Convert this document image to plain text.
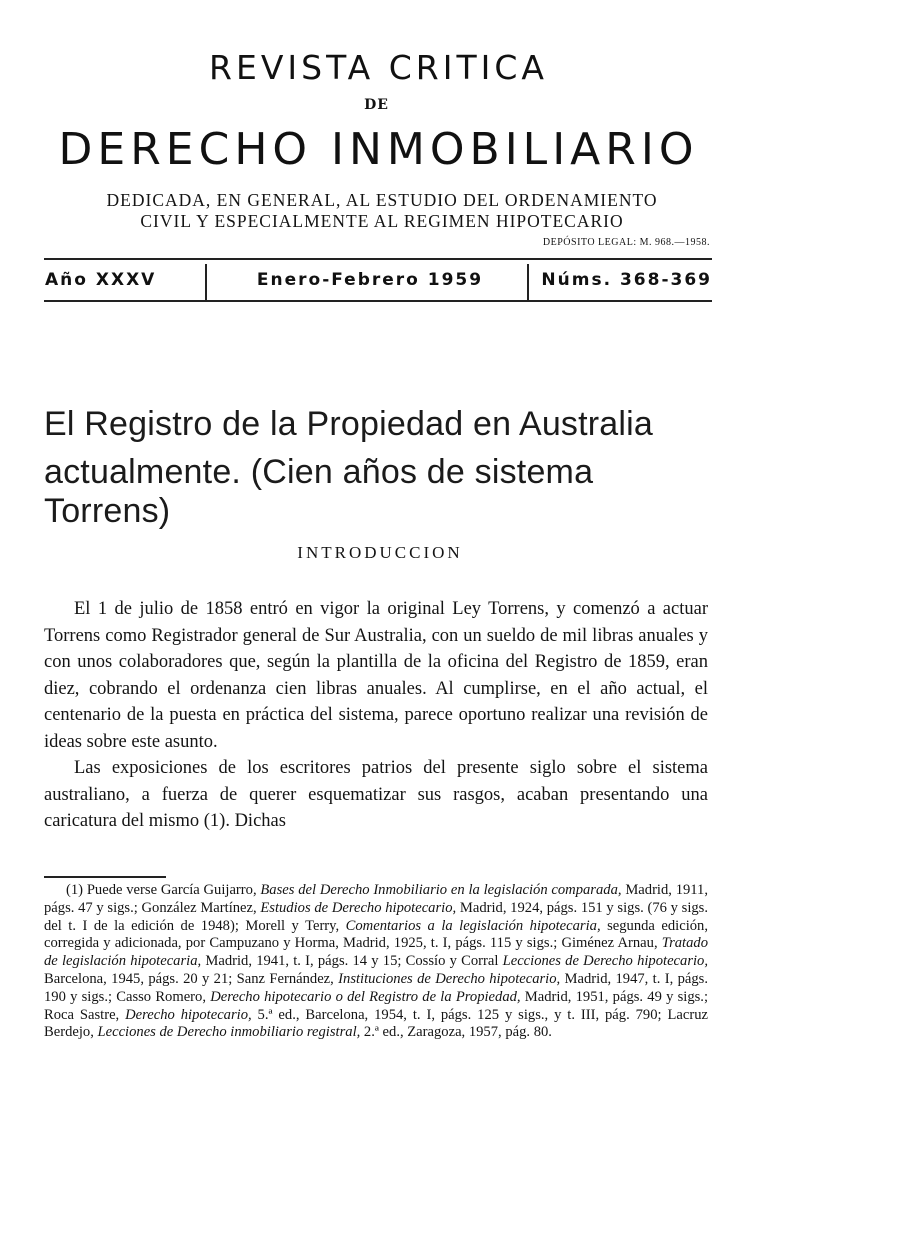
REVISTA CRITICA
DE
DERECHO INMOBILIARIO
DEDICADA, EN GENERAL, AL ESTUDIO DEL ORDENAMIENTO
CIVIL Y ESPECIALMENTE AL REGIMEN HIPOTECARIO
DEPÓSITO LEGAL: M. 968.—1958.
Año XXXV	Enero-Febrero 1959	Núms. 368-369
El Registro de la Propiedad en Australia
actualmente. (Cien años de sistema Torrens)
INTRODUCCION

El 1 de julio de 1858 entró en vigor la original Ley Torrens, y comenzó a actuar Torrens como Registrador general de Sur Australia, con un sueldo de mil libras anuales y con unos colaboradores que, según la plantilla de la oficina del Registro de 1859, eran diez, cobrando el ordenanza cien libras anuales. Al cumplirse, en el año actual, el centenario de la puesta en práctica del sistema, parece oportuno realizar una revisión de ideas sobre este asunto.

Las exposiciones de los escritores patrios del presente siglo sobre el sistema australiano, a fuerza de querer esquematizar sus rasgos, acaban presentando una caricatura del mismo (1). Dichas

(1) Puede verse García Guijarro, Bases del Derecho Inmobiliario en la legislación comparada, Madrid, 1911, págs. 47 y sigs.; González Martínez, Estudios de Derecho hipotecario, Madrid, 1924, págs. 151 y sigs. (76 y sigs. del t. I de la edición de 1948); Morell y Terry, Comentarios a la legislación hipotecaria, segunda edición, corregida y adicionada, por Campuzano y Horma, Madrid, 1925, t. I, págs. 115 y sigs.; Giménez Arnau, Tratado de legislación hipotecaria, Madrid, 1941, t. I, págs. 14 y 15; Cossío y Corral Lecciones de Derecho hipotecario, Barcelona, 1945, págs. 20 y 21; Sanz Fernández, Instituciones de Derecho hipotecario, Madrid, 1947, t. I, págs. 190 y sigs.; Casso Romero, Derecho hipotecario o del Registro de la Propiedad, Madrid, 1951, págs. 49 y sigs.; Roca Sastre, Derecho hipotecario, 5.ª ed., Barcelona, 1954, t. I, págs. 125 y sigs., y t. III, pág. 790; Lacruz Berdejo, Lecciones de Derecho inmobiliario registral, 2.ª ed., Zaragoza, 1957, pág. 80.
